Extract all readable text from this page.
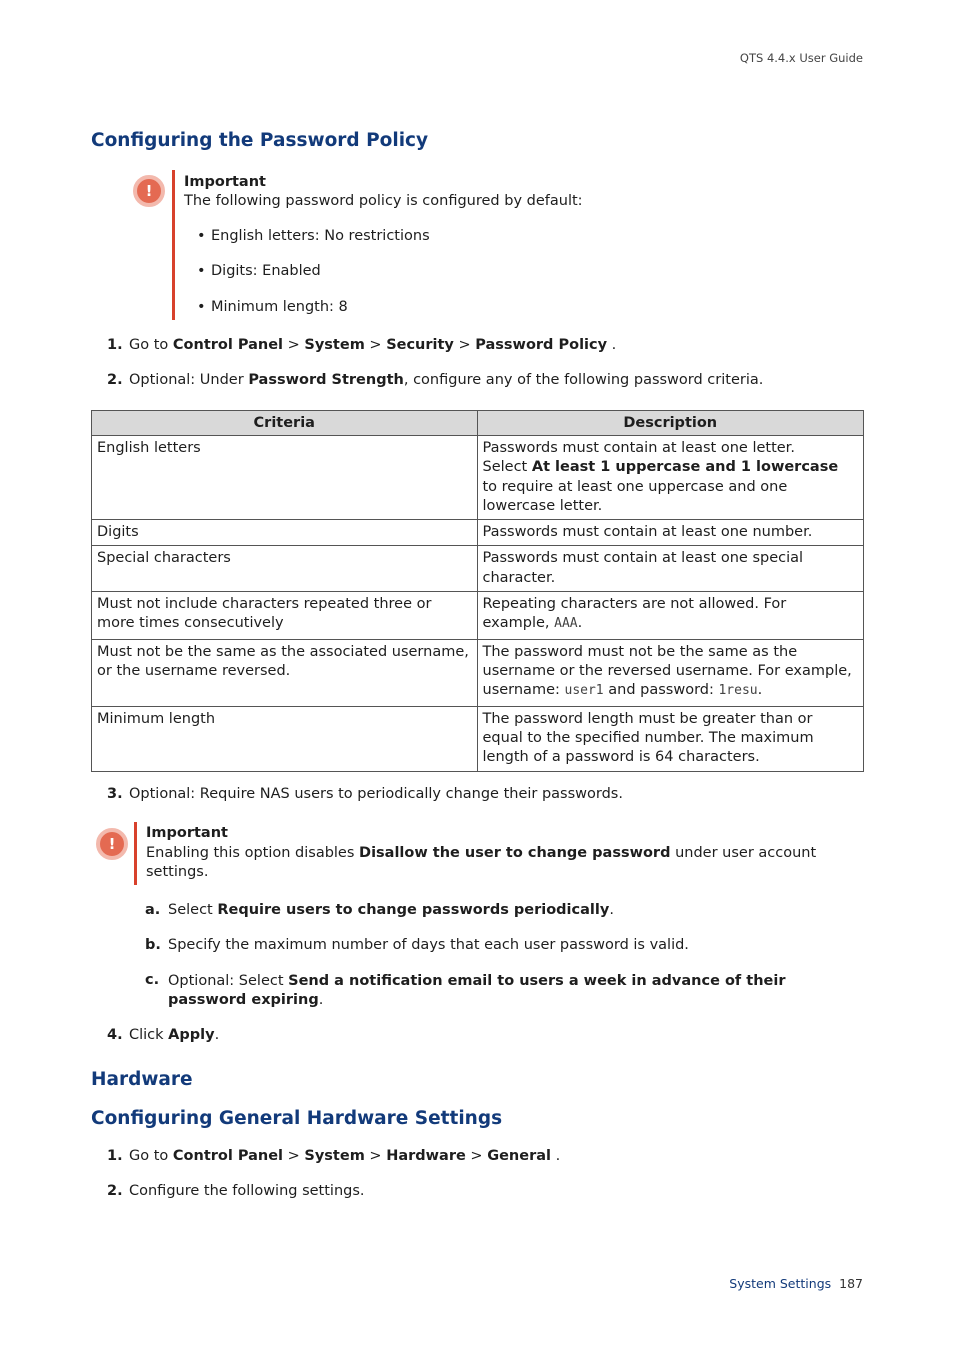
QTS 4.4.x User Guide
Configuring the Password Policy
!	Important
The following password policy is configured by default:
• English letters: No restrictions
• Digits: Enabled
• Minimum length: 8
1. Go to Control Panel > System > Security > Password Policy .
2. Optional: Under Password Strength, configure any of the following password criteria.
Criteria	Description
English letters	Passwords must contain at least one letter.
Select At least 1 uppercase and 1 lowercase to require at least one uppercase and one lowercase letter.
Digits	Passwords must contain at least one number.
Special characters	Passwords must contain at least one special character.
Must not include characters repeated three or more times consecutively	Repeating characters are not allowed. For example, AAA.
Must not be the same as the associated username, or the username reversed.	The password must not be the same as the username or the reversed username. For example, username: user1 and password: 1resu.
Minimum length	The password length must be greater than or equal to the specified number. The maximum length of a password is 64 characters.
3. Optional: Require NAS users to periodically change their passwords.
!
Important
Enabling this option disables Disallow the user to change password under user account settings.
a. Select Require users to change passwords periodically.
b. Specify the maximum number of days that each user password is valid.
c. Optional: Select Send a notification email to users a week in advance of their password expiring.
4. Click Apply.
Hardware
Configuring General Hardware Settings
1. Go to Control Panel > System > Hardware > General .
2. Configure the following settings.
System Settings 187
